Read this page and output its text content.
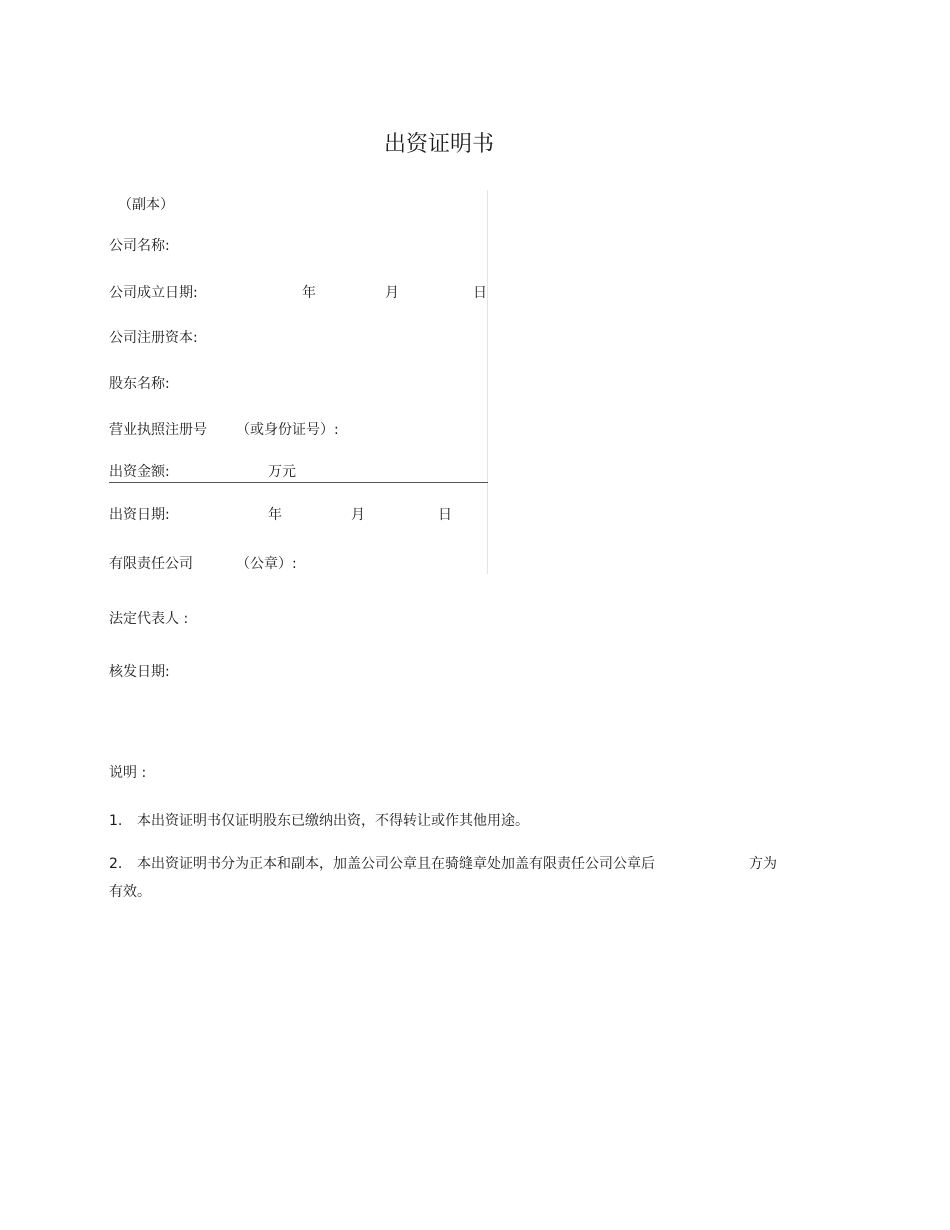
出资证明书
（副本）
公司名称:
公司成立日期:	年	月	日
公司注册资本:
股东名称:
营业执照注册号 （或身份证号）:
出资金额:	万元
出资日期:	年	月	日
有限责任公司	（公章）:
法定代表人 :
核发日期:
说明 :
1. 本出资证明书仅证明股东已缴纳出资，不得转让或作其他用途。
2. 本出资证明书分为正本和副本，加盖公司公章且在骑缝章处加盖有限责任公司公章后	方为
有效。
